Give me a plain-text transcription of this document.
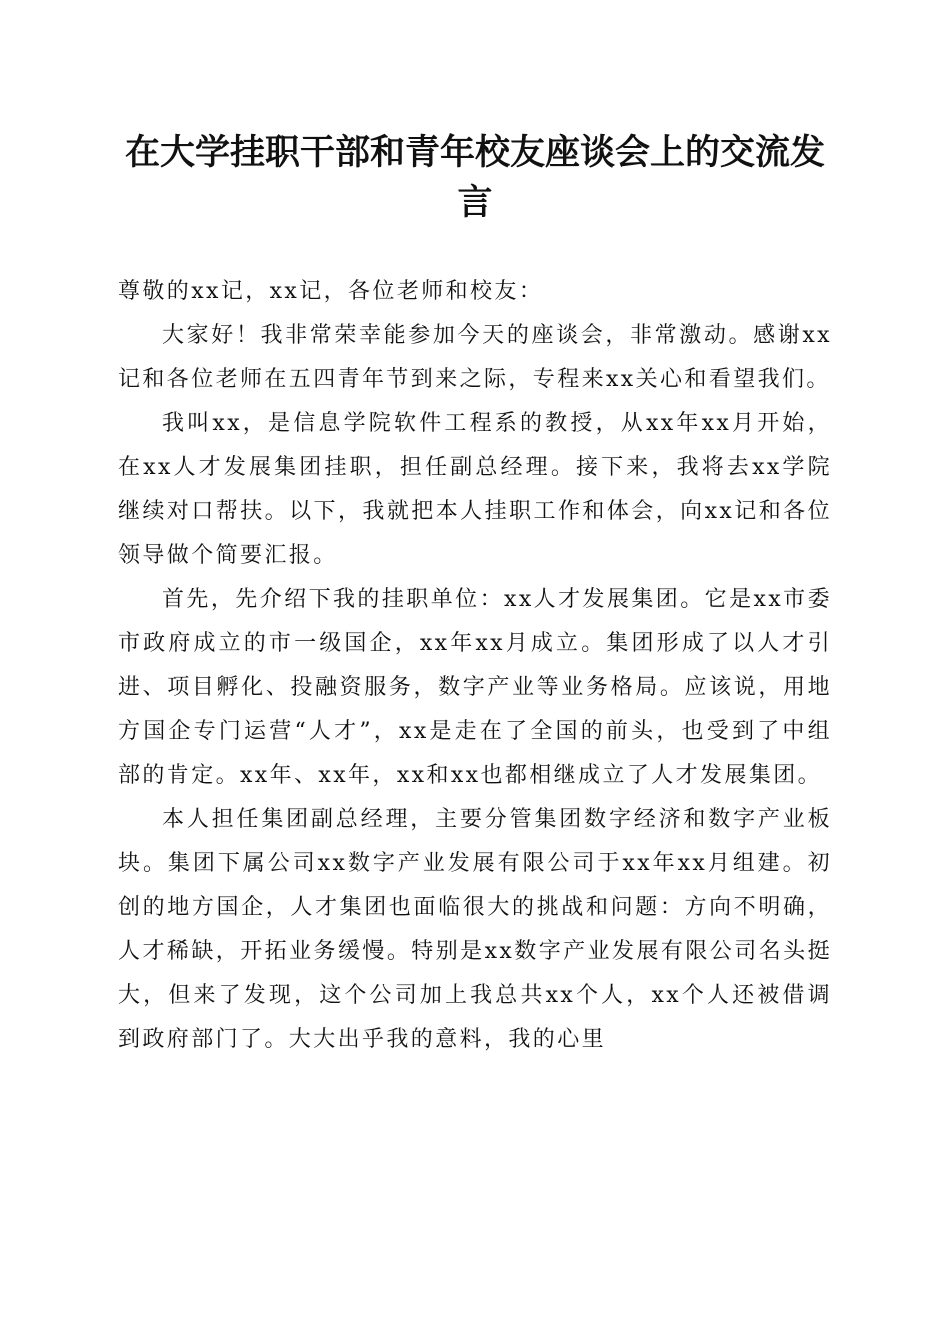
在大学挂职干部和青年校友座谈会上的交流发
言

尊敬的xx记，xx记，各位老师和校友：

大家好！我非常荣幸能参加今天的座谈会，非常激动。感谢xx记和各位老师在五四青年节到来之际，专程来xx关心和看望我们。

我叫xx，是信息学院软件工程系的教授，从xx年xx月开始，在xx人才发展集团挂职，担任副总经理。接下来，我将去xx学院继续对口帮扶。以下，我就把本人挂职工作和体会，向xx记和各位领导做个简要汇报。

首先，先介绍下我的挂职单位：xx人才发展集团。它是xx市委市政府成立的市一级国企，xx年xx月成立。集团形成了以人才引进、项目孵化、投融资服务，数字产业等业务格局。应该说，用地方国企专门运营“人才”，xx是走在了全国的前头，也受到了中组部的肯定。xx年、xx年，xx和xx也都相继成立了人才发展集团。

本人担任集团副总经理，主要分管集团数字经济和数字产业板块。集团下属公司xx数字产业发展有限公司于xx年xx月组建。初创的地方国企，人才集团也面临很大的挑战和问题：方向不明确，人才稀缺，开拓业务缓慢。特别是xx数字产业发展有限公司名头挺大，但来了发现，这个公司加上我总共xx个人，xx个人还被借调到政府部门了。大大出乎我的意料，我的心里
